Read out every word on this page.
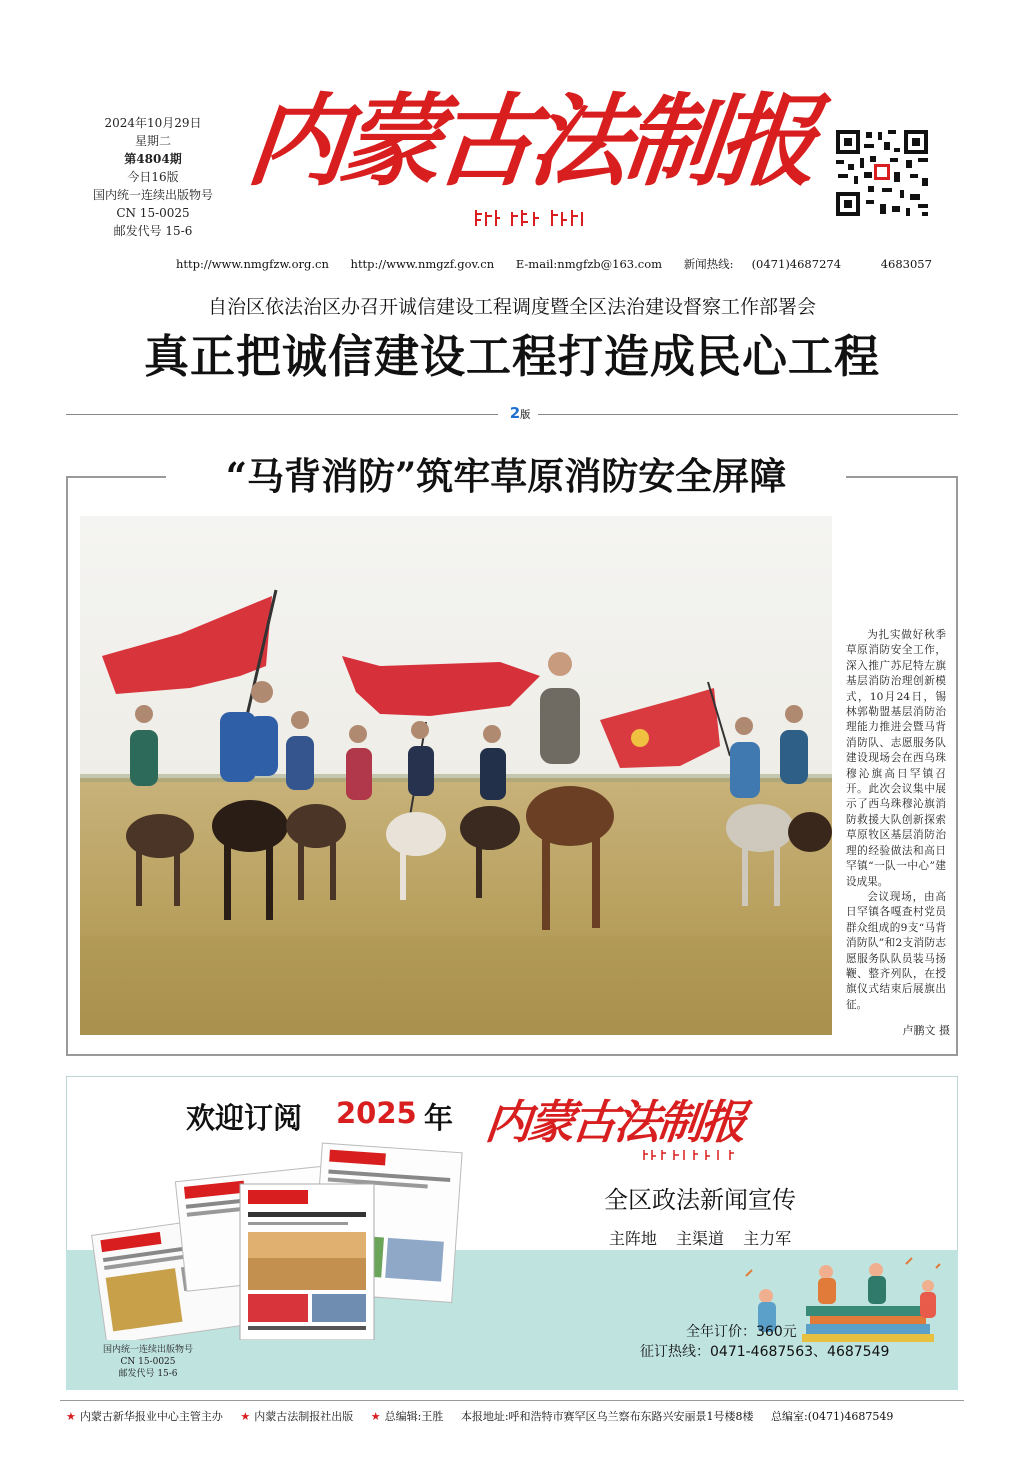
2024年10月29日
星期二
第4804期
今日16版
国内统一连续出版物号
CN 15-0025
邮发代号 15-6
内蒙古法制报
http://www.nmgfzw.org.cn http://www.nmgzf.gov.cn E-mail:nmgfzb@163.com 新闻热线: (0471)4687274	4683057
自治区依法治区办召开诚信建设工程调度暨全区法治建设督察工作部署会
真正把诚信建设工程打造成民心工程
2版
“马背消防”筑牢草原消防安全屏障

为扎实做好秋季草原消防安全工作，深入推广苏尼特左旗基层消防治理创新模式，10月24日，锡林郭勒盟基层消防治理能力推进会暨马背消防队、志愿服务队建设现场会在西乌珠穆沁旗高日罕镇召开。此次会议集中展示了西乌珠穆沁旗消防救援大队创新探索草原牧区基层消防治理的经验做法和高日罕镇“一队一中心”建设成果。

会议现场，由高日罕镇各嘎查村党员群众组成的9支“马背消防队”和2支消防志愿服务队队员装马扬鞭、整齐列队，在授旗仪式结束后展旗出征。

卢鹏文 摄
欢迎订阅 2025 年 内蒙古法制报
全区政法新闻宣传
主阵地 主渠道 主力军
全年订价：360元
征订热线：0471-4687563、4687549
国内统一连续出版物号
CN 15-0025
邮发代号 15-6
★ 内蒙古新华报业中心主管主办 ★ 内蒙古法制报社出版 ★ 总编辑:王胜 本报地址:呼和浩特市赛罕区乌兰察布东路兴安丽景1号楼8楼 总编室:(0471)4687549
